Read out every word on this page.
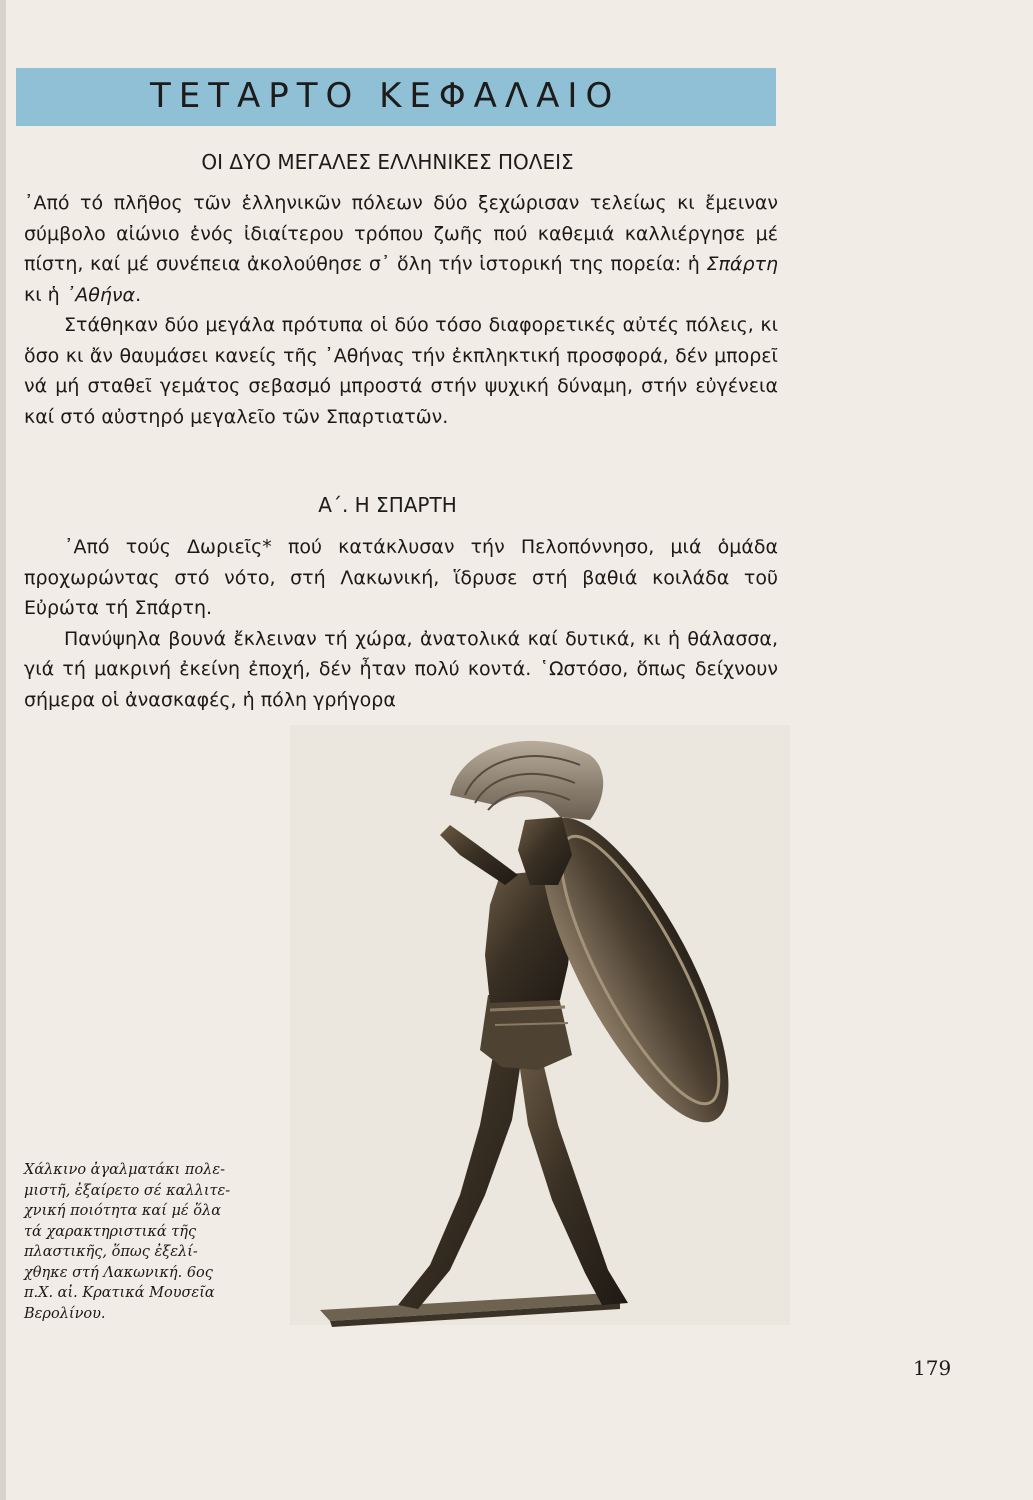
ΤΕΤΑΡΤΟ ΚΕΦΑΛΑΙΟ
ΟΙ ΔΥΟ ΜΕΓΑΛΕΣ ΕΛΛΗΝΙΚΕΣ ΠΟΛΕΙΣ

᾿Από τό πλῆθος τῶν ἑλληνικῶν πόλεων δύο ξεχώρισαν τελείως κι ἔμειναν σύμβολο αἰώνιο ἑνός ἰδιαίτερου τρόπου ζωῆς πού καθεμιά καλλιέργησε μέ πίστη, καί μέ συνέπεια ἀκολούθησε σ᾿ ὅλη τήν ἱστορική της πορεία: ἡ Σπάρτη κι ἡ ᾿Αθήνα.

Στάθηκαν δύο μεγάλα πρότυπα οἱ δύο τόσο διαφορετικές αὐτές πόλεις, κι ὅσο κι ἄν θαυμάσει κανείς τῆς ᾿Αθήνας τήν ἐκπληκτική προσφορά, δέν μπορεῖ νά μή σταθεῖ γεμάτος σεβασμό μπροστά στήν ψυχική δύναμη, στήν εὐγένεια καί στό αὐστηρό μεγαλεῖο τῶν Σπαρτιατῶν.

Α΄. Η ΣΠΑΡΤΗ

᾿Από τούς Δωριεῖς* πού κατάκλυσαν τήν Πελοπόννησο, μιά ὁμάδα προχωρώντας στό νότο, στή Λακωνική, ἵδρυσε στή βαθιά κοιλάδα τοῦ Εὐρώτα τή Σπάρτη.

Πανύψηλα βουνά ἔκλειναν τή χώρα, ἀνατολικά καί δυτικά, κι ἡ θάλασσα, γιά τή μακρινή ἐκείνη ἐποχή, δέν ἦταν πολύ κοντά. ῾Ωστόσο, ὅπως δείχνουν σήμερα οἱ ἀνασκαφές, ἡ πόλη γρήγορα

Χάλκινο ἀγαλματάκι πολε-
μιστῆ, ἐξαίρετο σέ καλλιτε-
χνική ποιότητα καί μέ ὅλα
τά χαρακτηριστικά τῆς
πλαστικῆς, ὅπως ἐξελί-
χθηκε στή Λακωνική. 6ος
π.Χ. αἰ. Κρατικά Μουσεῖα
Βερολίνου.
179
